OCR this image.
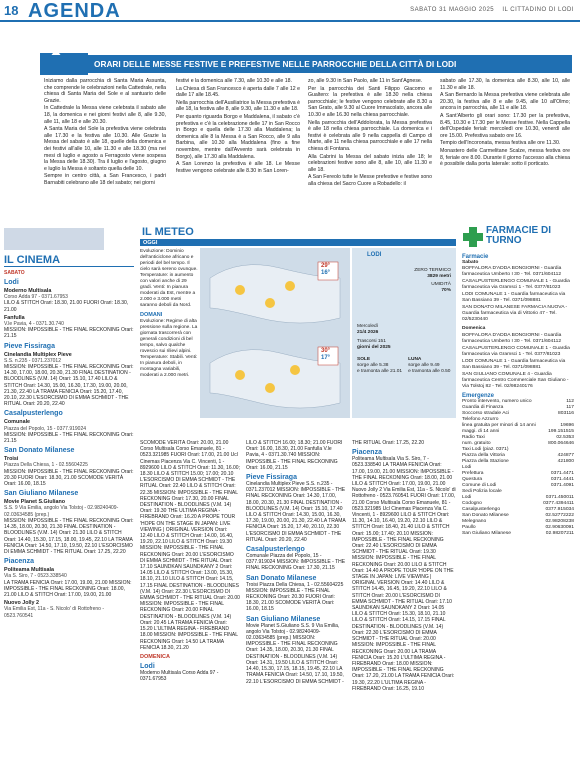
18 AGENDA	SABATO 31 MAGGIO 2025 IL CITTADINO DI LODI
ORARI DELLE MESSE FESTIVE E PREFESTIVE NELLE PARROCCHIE DELLA CITTÀ DI LODI

Iniziamo dalla parrocchia di Santa Maria Assunta, che comprende le celebrazioni nella Cattedrale, nella chiesa di Santa Maria del Sole e al santuario delle Grazie.

In Cattedrale la Messa viene celebrata il sabato alle 18, la domenica e nei giorni festivi alle 8, alle 9.30, alle 11, alle 18 e alle 20.30.

A Santa Maria del Sole la prefestiva viene celebrata alle 17.30 e la festiva alle 10.30. Alle Grazie la Messa del sabato è alle 18, quelle della domenica e dei festivi all'alle 10, alle 11.30 e alle 18.30 (ma nei mesi di luglio e agosto a Ferragosto viene sospesa la Messa delle 18.30). Tra il luglio e l'agosto, giugno e luglio la Messa è soltanto quella delle 10.

Sempre in centro città, a San Francesco, i padri Barnabiti celebrano alle 18 del sabato; nei giorni

festivi e la domenica alle 7.30, alle 10.30 e alle 18.

La Chiesa di San Francesco è aperta dalle 7 alle 12 e dalle 17 alle 18.45.

Nella parrocchia dell'Ausiliatrice la Messa prefestiva è alle 18, la festiva alle 8, alle 9.30, alle 11.30 e alle 18.

Per quanto riguarda Borgo e Maddalena, il sabato c'è prefestiva e c'è la celebrazione delle 17 in San Rocco in Borgo e quella delle 17.30 alla Maddalena; la domenica alle 8 la Messa è a San Rocco, alle 9 alla Barbina, alle 10.30 alla Maddalena (fino a fine novembre, mentre dall'Avvento sarà celebrata in Borgo), alle 17.30 alla Maddalena.

A San Lorenzo la prefestiva è alle 18. Le Messe festive vengono celebrate alle 8.30 in San Loren-

zo, alle 9.30 in San Paolo, alle 11 in Sant'Agnese.

Per la parrocchia dei Santi Filippo Giacomo e Gualtero: la prefestiva è alle 18.30 nella chiesa parrocchiale; le festive vengono celebrate alle 8.30 a San Grato, alle 9.30 al Cuore Immacolato, ancora alle 10.30 e alle 16.30 nella chiesa parrocchiale.

Nella parrocchia dell'Addolorata, la Messa prefestiva è alle 18 nella chiesa parrocchiale. La domenica e i festivi è celebrata alle 9 nella cappella di Campo di Marte, alle 11 nella chiesa parrocchiale e alle 17 nella chiesa di Fontana.

Alla Cabrini la Messa del sabato inizia alle 18; le celebrazioni festive sono alle 8, alle 10, alle 11.30 e alle 18.

A San Fereolo tutte le Messe prefestive e festive sono alla chiesa del Sacro Cuore a Robadello: il

sabato alle 17.30, la domenica alle 8.30, alle 10, alle 11.30 e alle 18.

A San Bernardo la Messa prefestiva viene celebrata alle 20.30, la festiva alle 8 e alle 9.45, alle 10 all'Olmo; ancora in parrocchia, alle 11 e alle 18.

A Sant'Alberto gli orari sono: 17.30 per la prefestiva, 8.45, 10.30 e 17.30 per le Messe festive. Nella Cappella dell'Ospedale feriali: mercoledì ore 10.30, venerdì alle ore 15.00. Prefestiva sabato ore 16.

Tempio dell'Incoronata, messa festiva alle ore 11.30.

Monastero delle Carmelitane Scalze, messa festiva ore 8, feriale ore 8.00. Durante il giorno l'accesso alla chiesa è possibile dalla porta laterale: sotto il porticato.

IL CINEMA
SABATO
Lodi
Moderno Multisala
Corso Adda 97 - 0371.67953
LILO & STITCH Orari: 18.30, 21.00 FUORI Orari: 18.30, 21.00
Fanfulla
V.le Pavia, 4 - 0371.30.740
MISSION: IMPOSSIBLE - THE FINAL RECKONING Orari: 21.15
Pieve Fissiraga
Cinelandia Multiplex Pieve
S.S. n.235 - 0371.237012
MISSION: IMPOSSIBLE - THE FINAL RECKONING Orari: 14.30, 17.00, 18.00, 20.30, 21.30 FINAL DESTINATION - BLOODLINES (V.M. 14) Orari: 15.10, 17.40 LILO & STITCH Orari: 14.30, 15.00, 16.30, 17.30, 19.00, 20.00, 21.30, 22.40 LA TRAMA FENICIA Orari: 15.20, 17.40, 20.10, 22.30 L'ESORCISMO DI EMMA SCHMIDT - THE RITUAL Orari: 20.20, 22.40
Casalpusterlengo
Comunale
Piazza del Popolo, 15 - 0377.919024
MISSION: IMPOSSIBLE - THE FINAL RECKONING Orari: 21.15
San Donato Milanese
Troisi
Piazza Della Chiesa, 1 - 02.55604225
MISSION: IMPOSSIBLE - THE FINAL RECKONING Orari: 20.30 FUORI Orari: 18.30, 21.00 SCOMODE VERITÀ Orari: 16.00, 18.15
San Giuliano Milanese
Movie Planet S.Giuliano
S.S. 9 Via Emilia, angolo Via Tolstoj - 02.98240409-02.03634585 (prep.)
MISSION: IMPOSSIBLE - THE FINAL RECKONING Orari: 14.35, 18.00, 20.30, 21.30 FINAL DESTINATION - BLOODLINES (V.M. 14) Orari: 21.30 LILO & STITCH Orari: 14.40, 15.30, 17.15, 18.00, 19.45, 22.10 LA TRAMA FENICIA Orari: 14.50, 17.10, 19.50, 22.10 L'ESORCISMO DI EMMA SCHMIDT - THE RITUAL Orari: 17.25, 22.20
Piacenza
Politeama Multisala
Via S. Siro, 7 - 0523.338540
LA TRAMA FENICIA Orari: 17.00, 19.00, 21.00 MISSION: IMPOSSIBLE - THE FINAL RECKONING Orari: 18.00, 21.00 LILO & STITCH Orari: 17.00, 19.00, 21.00
Nuovo Jolly 2
Via Emilia Est, 11a - S. Nicolo' di Rottofreno - 0523.760541
IL METEO
OGGI
Evoluzione: Dominio dell'anticiclone africano e periodi del bel tempo. Il cielo sarà sereno ovunque. Temperature: in aumento con valori anche di 29 gradi. Venti: In pianura moderati da Est, mentre a 2.000 e 3.000 metri saranno deboli da Nord.
DOMANI
Evoluzione: Regime di alta pressione sulla regione. La giornata trascorrerà con generali condizioni di bel tempo, salvo qualche rovescio sui rilievi alpini. Temperature: Stabili. Venti: In pianura deboli, in montagna variabili, moderati a 2.000 metri.
29°
16°
30°
17°
LODI
ZERO TERMICO
3829 metri
UMIDITÀ
70%
Mercoledì
21/4 2026
Trascorsi 151
giorni del 2025
SOLE
sorge alle 5.38
e tramonta alle 21.01
LUNA
sorge alle 9.49
e tramonta alle 0.50
FARMACIE DI TURNO
Farmacie
Sabato
BOFFALORA D'ADDA BONGIORNI - Guardia farmaceutica Umberto I 30 - Tel. 0371/604112
CASALPUSTERLENGO COMUNALE 1 - Guardia farmaceutica via Gramsci 1 - Tel. 0377/81023
LODI COMUNALE 1 - Guardia farmaceutica via San Bassiano 39 - Tel. 0371/098881
SAN DONATO MILANESE FARMACIA NUOVA - Guardia farmaceutica via di Vittorio 47 - Tel. 02/5230440
Domenica
BOFFALORA D'ADDA BONGIORNI - Guardia farmaceutica Umberto I 30 - Tel. 0371/604112
CASALPUSTERLENGO COMUNALE 1 - Guardia farmaceutica via Gramsci 1 - Tel. 0377/81023
LODI COMUNALE 1 - Guardia farmaceutica via San Bassiano 39 - Tel. 0371/098881
SAN GIULIANO COMUNALE 4 - Guardia farmaceutica Centro Commerciale San Giuliano - Via Tolstoj 82 - Tel. 02/98240176
Emergenze
Pronto intervento, numero unico	112
Guardia di Finanza	117
Soccorso stradale Aci	803116
Telefono Azzurro
linea gratuita per minori di 14 anni	19696
maggi. di 14 anni	199.151515
Radio Taxi	02.5353
num. gratuito	800.064646
Taxi Lodi (piaz. 0371)
Piazza della Vittoria	424877
Piazza della Stazione	421800
Lodi
Prefettura	0371.4471
Questura	0371.4441
Comune di Lodi	0371.4091
Sedi Polizia locale
Lodi	0371.450011
Codogno	0377.4394411
Casalpusterlengo	0377.915034
San Donato Milanese	02.52772222
Melegnano	02.98208238
Paullo	02.90630091
San Giuliano Milanese	02.98207211
SCOMODE VERITÀ Orari: 20.00, 21.00 Corso Multisala Corso Emanuele, 81 - 0523.321985 FUORI Orari: 17.00, 21.00 Ucl Cinemas Piacenza Via C. Vincenti, 1 - 8929600 LILO & STITCH Orari: 11.30, 16.00; 18.30 LILO & STITCH 15.00; 17.00; 20.10 L'ESORCISMO DI EMMA SCHMIDT - THE RITUAL Orari: 22.40 LILO & STITCH Orari: 22.35 MISSION: IMPOSSIBLE - THE FINAL RECKONING Orari: 17.30, 20.00 FINAL DESTINATION - BLOODLINES (V.M. 14) Orari: 19.30 THE ULTIMA REGINA - FIREBRAND Orari: 16.20 A PROPE TOUR 'HOPE ON THE STAGE IN JAPAN: LIVE VIEWING | ORIGINAL VERSION Orari: 12.40 LILO & STITCH Orari: 14.00, 16.40, 19.20, 22.10 LILO & STITCH Orari: 19.30 MISSION: IMPOSSIBLE - THE FINAL RECKONING Orari: 20.00 L'ESORCISMO DI EMMA SCHMIDT - THE RITUAL Orari: 17.10 SAUNDKAN SAUNDKANY 2 Orari: 14.05 LILO & STITCH Orari: 13.00, 15.30, 18.10, 21.10 LILO & STITCH Orari: 14.15, 17.15 FINAL DESTINATION - BLOODLINES (V.M. 14) Orari: 22.30 L'ESORCISMO DI EMMA SCHMIDT - THE RITUAL Orari: 20.00 MISSION: IMPOSSIBLE - THE FINAL RECKONING Orari: 20.00 FINAL DESTINATION - BLOODLINES (V.M. 14) Orari: 20.45 LA TRAMA FENICIA Orari: 15.20 L'ULTIMA REGINA - FIREBRAND 18.00 MISSION: IMPOSSIBLE - THE FINAL RECKONING Orari: 14.50 LA TRAMA FENICIA 18.30, 21.20
DOMENICA
Lodi
Moderno Multisala Corso Adda 97 - 0371.67953
LILO & STITCH 16.00; 18.30; 21.00 FUORI Orari: 16.00, 18.30, 21.00 Fanfulla V.le Pavia, 4 - 0371.30.740 MISSION: IMPOSSIBLE - THE FINAL RECKONING Orari: 16.00, 21.15
Pieve Fissiraga
Cinelandia Multiplex Pieve S.S. n.235 - 0371.237012 MISSION: IMPOSSIBLE - THE FINAL RECKONING Orari: 14.30, 17.00, 18.00, 20.30, 21.30 FINAL DESTINATION - BLOODLINES (V.M. 14) Orari: 15.10, 17.40 LILO & STITCH Orari: 14.30, 15.00, 16.30, 17.30, 19.00, 20.00, 21.30, 22.40 LA TRAMA FENICIA Orari: 15.20, 17.40, 20.10, 22.30 L'ESORCISMO DI EMMA SCHMIDT - THE RITUAL Orari: 20.20, 22.40
Casalpusterlengo
Comunale Piazza del Popolo, 15 - 0377.919024 MISSION: IMPOSSIBLE - THE FINAL RECKONING Orari: 17.30, 21.15
San Donato Milanese
Troisi Piazza Della Chiesa, 1 - 02.55604225 MISSION: IMPOSSIBLE - THE FINAL RECKONING Orari: 20.30 FUORI Orari: 18.30, 21.00 SCOMODE VERITÀ Orari: 16.00, 18.15
San Giuliano Milanese
Movie Planet S.Giuliano S.S. 9 Via Emilia, angolo Via Tolstoj - 02.98240409-02.03634585 (prep.) MISSION: IMPOSSIBLE - THE FINAL RECKONING Orari: 14.35, 18.00, 20.30, 21.30 FINAL DESTINATION - BLOODLINES (V.M. 14) Orari: 14.31, 19.50 LILO & STITCH Orari: 14.40, 15.30, 17.15, 18.15, 19.45, 22.10 LA TRAMA FENICIA Orari: 14.50, 17.10, 19.50, 22.10 L'ESORCISMO DI EMMA SCHMIDT -
THE RITUAL Orari: 17.25, 22.20
Piacenza
Politeama Multisala Via S. Siro, 7 - 0523.338540 LA TRAMA FENICIA Orari: 17.00, 19.00, 21.00 MISSION: IMPOSSIBLE - THE FINAL RECKONING Orari: 18.00, 21.00 LILO & STITCH Orari: 17.00, 19.00, 21.00 Nuovo Jolly 2 Via Emilia Est, 11a - S. Nicolo' di Rottofreno - 0523.760541 FUORI Orari: 17.00, 21.00 Corso Multisala Corso Emanuele, 81 - 0523.321985 Ucl Cinemas Piacenza Via C. Vincenti, 1 - 8929600 LILO & STITCH Orari: 11.30, 14.10, 16.40, 19.20, 22.10 LILO & STITCH Orari: 18.40, 21.40 LILO & STITCH Orari: 15.00; 17.40; 20.10 MISSION: IMPOSSIBLE - THE FINAL RECKONING Orari: 22.40 L'ESORCISMO DI EMMA SCHMIDT - THE RITUAL Orari: 19.30 MISSION: IMPOSSIBLE - THE FINAL RECKONING Orari: 20.00 LILO & STITCH Orari: 14.40 A PROPE TOUR 'HOPE ON THE STAGE IN JAPAN: LIVE VIEWING | ORIGINAL VERSION Orari: 14.40 LILO & STITCH 14.45, 16.45, 19.20, 22.10 LILO & STITCH Orari: 20.00 L'ESORCISMO DI EMMA SCHMIDT - THE RITUAL Orari: 17.10 SAUNDKAN SAUNDKANY 2 Orari: 14.05 LILO & STITCH Orari: 15.30, 18.10, 21.10 LILO & STITCH Orari: 14.15, 17.15 FINAL DESTINATION - BLOODLINES (V.M. 14) Orari: 22.30 L'ESORCISMO DI EMMA SCHMIDT - THE RITUAL Orari: 20.00 MISSION: IMPOSSIBLE - THE FINAL RECKONING Orari: 20.00 LA TRAMA FENICIA Orari: 15.20 L'ULTIMA REGINA - FIREBRAND Orari: 18.00 MISSION: IMPOSSIBLE - THE FINAL RECKONING Orari: 17.20, 21.00 LA TRAMA FENICIA Orari: 19.30, 22.20 L'ULTIMA REGINA - FIREBRAND Orari: 16.25, 19.10
